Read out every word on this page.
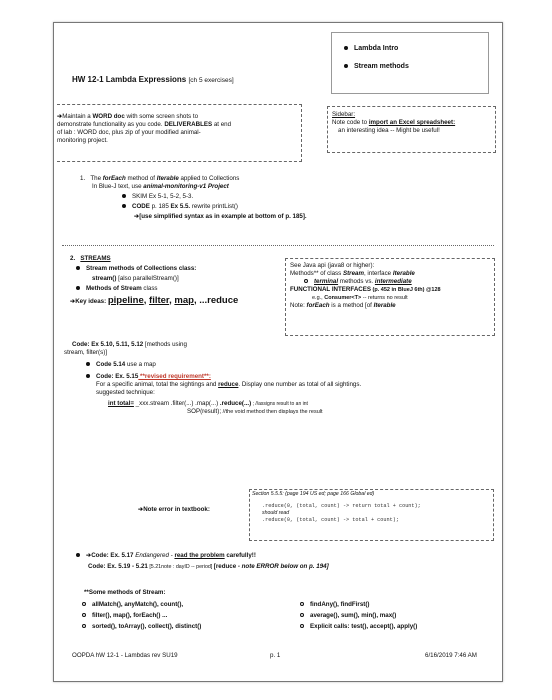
Lambda Intro
Stream methods
HW 12-1 Lambda Expressions [ch 5 exercises]
➔Maintain a WORD doc with some screen shots to
demonstrate functionality as you code. DELIVERABLES at end
of lab : WORD doc, plus zip of your modified animal-
monitoring project.
Sidebar:
Note code to import an Excel spreadsheet:
an interesting idea -- Might be useful!
1. The forEach method of Iterable applied to Collections
In Blue-J text, use animal-monitoring-v1 Project
SKIM Ex 5-1, 5-2, 5-3.
CODE p. 185 Ex 5.5. rewrite printList()
➔[use simplified syntax as in example at bottom of p. 185].
2. STREAMS
Stream methods of Collections class:
stream() [also parallelStream()]
Methods of Stream class
➔Key ideas: pipeline, filter, map, ...reduce
See Java api (java8 or higher):
Methods** of class Stream, interface Iterable
terminal methods vs. intermediate
FUNCTIONAL INTERFACES (p. 452 in BlueJ 6th) @128
e.g., Consumer<T> -- returns no result
Note: forEach is a method [of Iterable
Code: Ex 5.10, 5.11, 5.12 [methods using
stream, filter(s)]
Code 5.14 use a map
Code: Ex. 5.15 **revised requirement**:
For a specific animal, total the sightings and reduce. Display one number as total of all sightings.
suggested technique:
int total= _xxx.stream .filter(...) .map(...) .reduce(...) ; //assigns result to an int
SOP(result); //the void method then displays the result
➔Note error in textbook:
Section 5.5.5: (page 194 US ed; page 166 Global ed)
.reduce(0, (total, count) -> return total + count);
should read
.reduce(0, (total, count) -> total + count);
➔Code: Ex. 5.17 Endangered - read the problem carefully!!
Code: Ex. 5.19 - 5.21 [5.21note : dayID -- period] [reduce - note ERROR below on p. 194]
**Some methods of Stream:
allMatch(), anyMatch(), count(),
filter(), map(), forEach() ...
sorted(), toArray(), collect(), distinct()
findAny(), findFirst()
average(), sum(), min(), max()
Explicit calls: test(), accept(), apply()
OOPDA hW 12-1 - Lambdas rev SU19	p. 1	6/16/2019 7:46 AM
